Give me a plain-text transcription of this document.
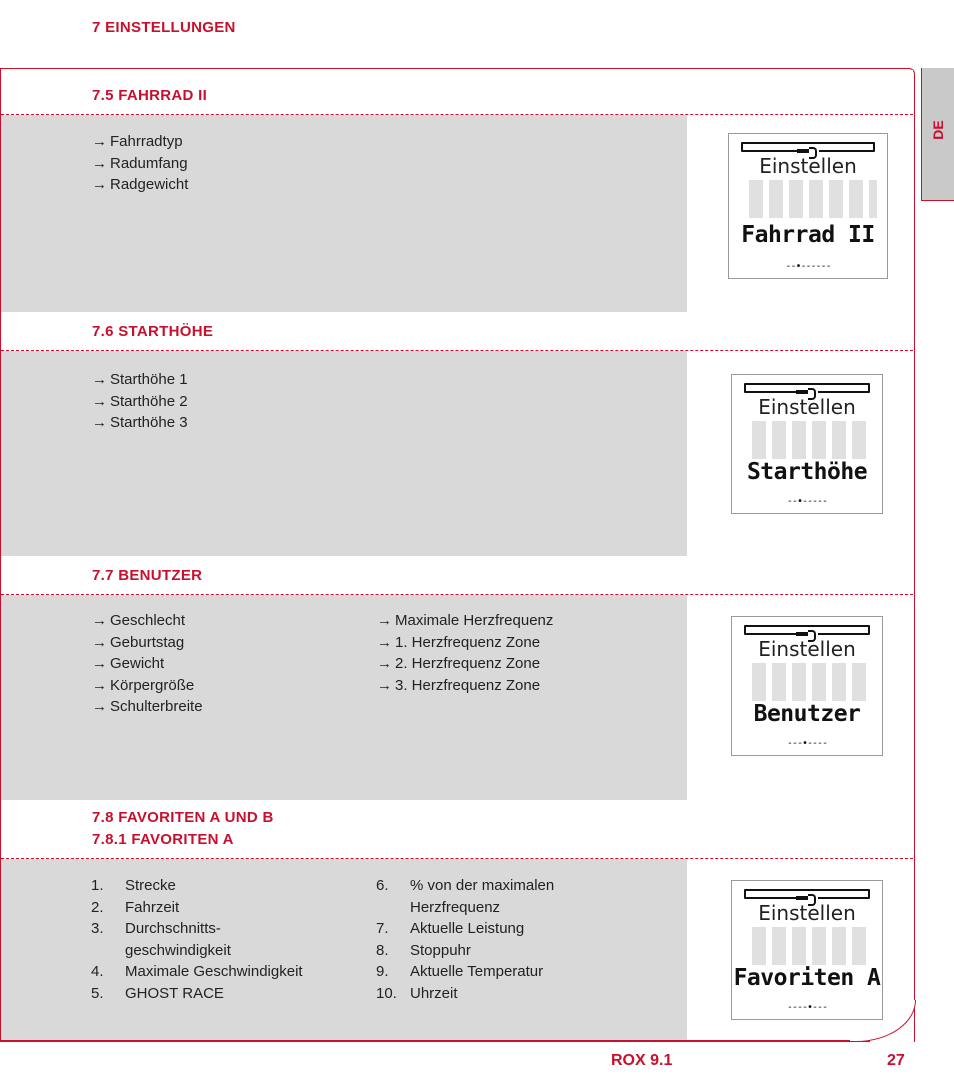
7 EINSTELLUNGEN
DE
7.5 FAHRRAD II
→ Fahrradtyp
→ Radumfang
→ Radgewicht
Einstellen
Fahrrad II
--•------
7.6 STARTHÖHE
→ Starthöhe 1
→ Starthöhe 2
→ Starthöhe 3
Einstellen
Starthöhe
--•-----
7.7 BENUTZER
→ Geschlecht
→ Geburtstag
→ Gewicht
→ Körpergröße
→ Schulterbreite
→ Maximale Herzfrequenz
→ 1. Herzfrequenz Zone
→ 2. Herzfrequenz Zone
→ 3. Herzfrequenz Zone
Einstellen
Benutzer
---•----
7.8 FAVORITEN A UND B
7.8.1 FAVORITEN A
1.	Strecke
2.	Fahrzeit
3.	Durchschnitts-
geschwindigkeit
4.	Maximale Geschwindigkeit
5.	GHOST RACE
6.	% von der maximalen
Herzfrequenz
7.	Aktuelle Leistung
8.	Stoppuhr
9.	Aktuelle Temperatur
10. Uhrzeit
Einstellen
Favoriten A
----•---
ROX 9.1	27
